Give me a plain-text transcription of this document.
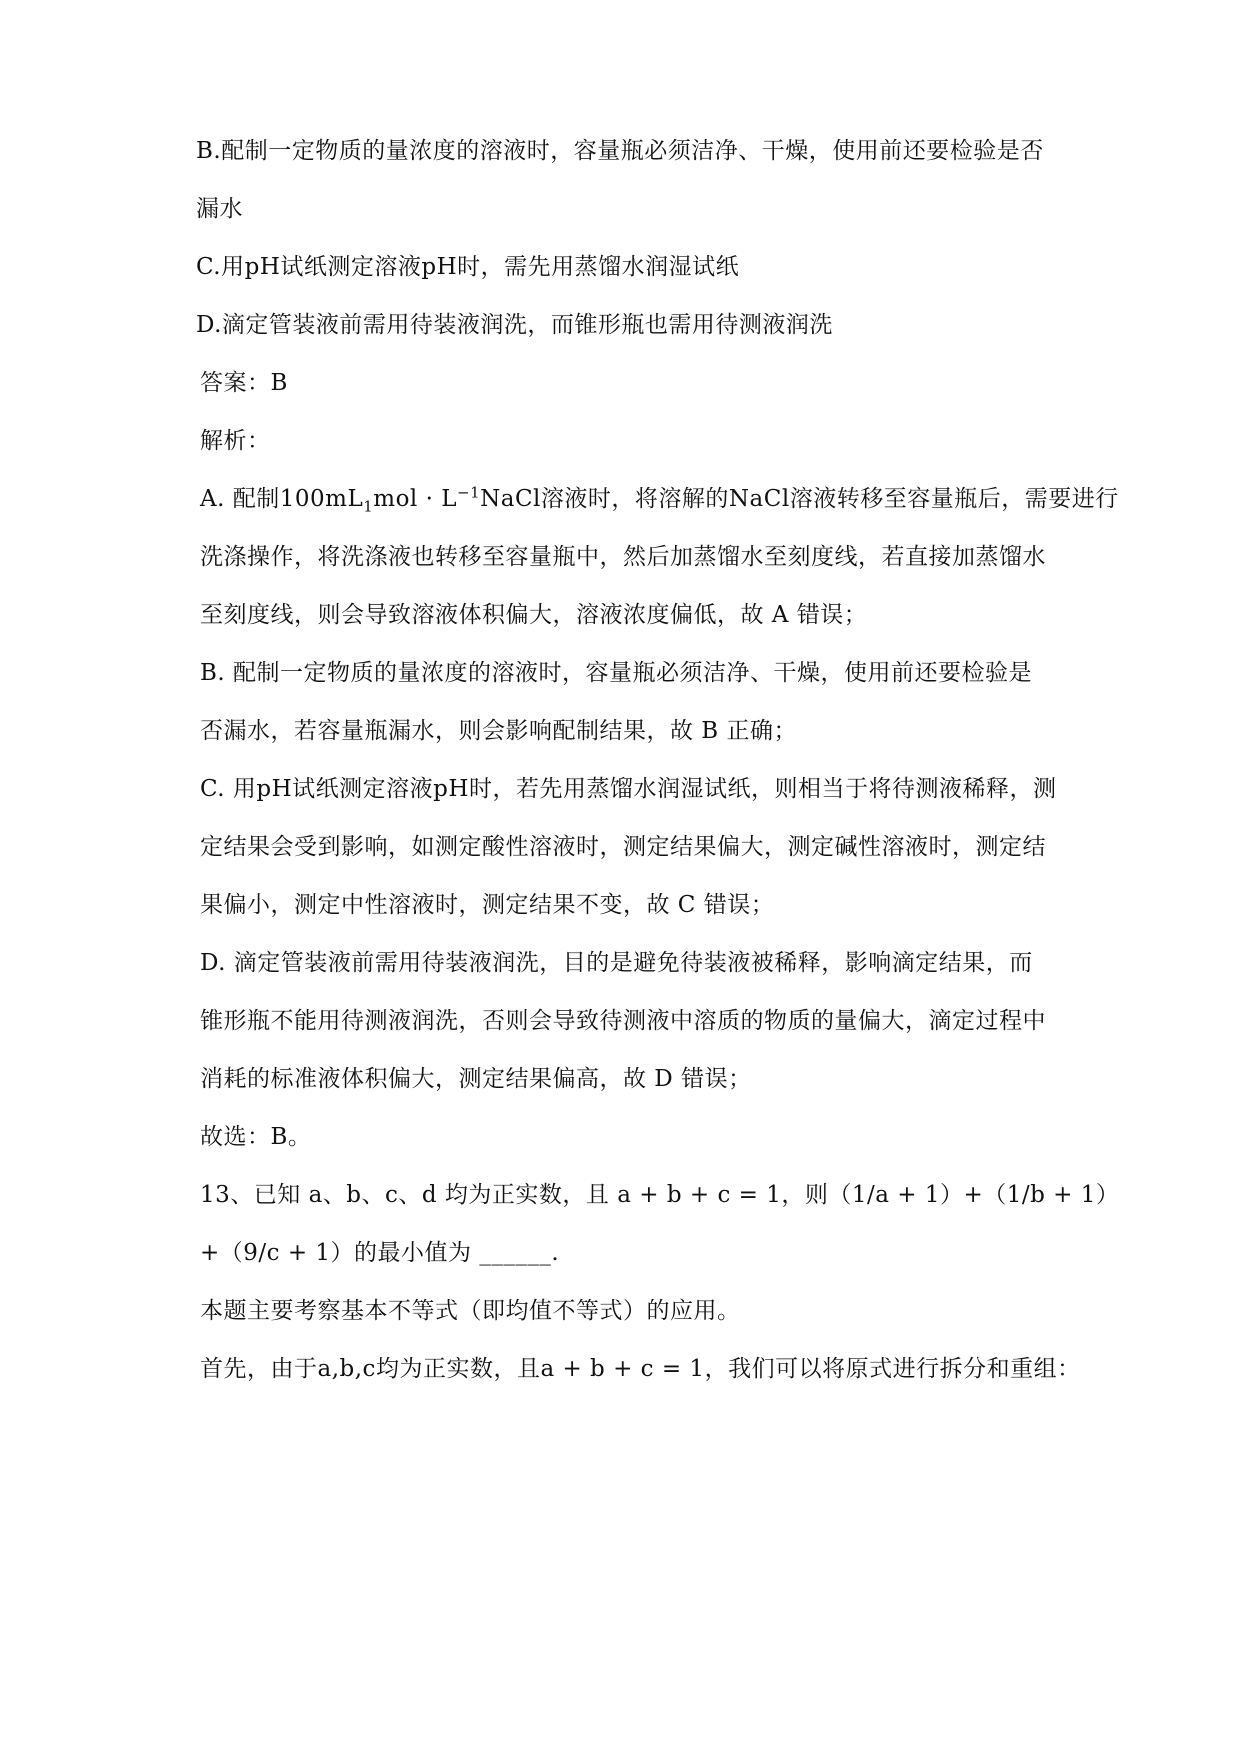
B.配制一定物质的量浓度的溶液时，容量瓶必须洁净、干燥，使用前还要检验是否
漏水
C.用pH试纸测定溶液pH时，需先用蒸馏水润湿试纸
D.滴定管装液前需用待装液润洗，而锥形瓶也需用待测液润洗
答案：B
解析：
A. 配制$100mL_1mol$ · $L^{-1}NaCl$溶液时，将溶解的NaCl溶液转移至容量瓶后，需要进行
洗涤操作，将洗涤液也转移至容量瓶中，然后加蒸馏水至刻度线，若直接加蒸馏水
至刻度线，则会导致溶液体积偏大，溶液浓度偏低，故 A 错误；
B. 配制一定物质的量浓度的溶液时，容量瓶必须洁净、干燥，使用前还要检验是
否漏水，若容量瓶漏水，则会影响配制结果，故 B 正确；
C. 用pH试纸测定溶液pH时，若先用蒸馏水润湿试纸，则相当于将待测液稀释，测
定结果会受到影响，如测定酸性溶液时，测定结果偏大，测定碱性溶液时，测定结
果偏小，测定中性溶液时，测定结果不变，故 C 错误；
D. 滴定管装液前需用待装液润洗，目的是避免待装液被稀释，影响滴定结果，而
锥形瓶不能用待测液润洗，否则会导致待测液中溶质的物质的量偏大，滴定过程中
消耗的标准液体积偏大，测定结果偏高，故 D 错误；
故选：B。
13、已知 a、b、c、d 均为正实数，且 a + b + c = 1，则（1/a + 1）+（1/b + 1）
+（9/c + 1）的最小值为 ______.
本题主要考察基本不等式（即均值不等式）的应用。
首先，由于a,b,c均为正实数，且a + b + c = 1，我们可以将原式进行拆分和重组：
